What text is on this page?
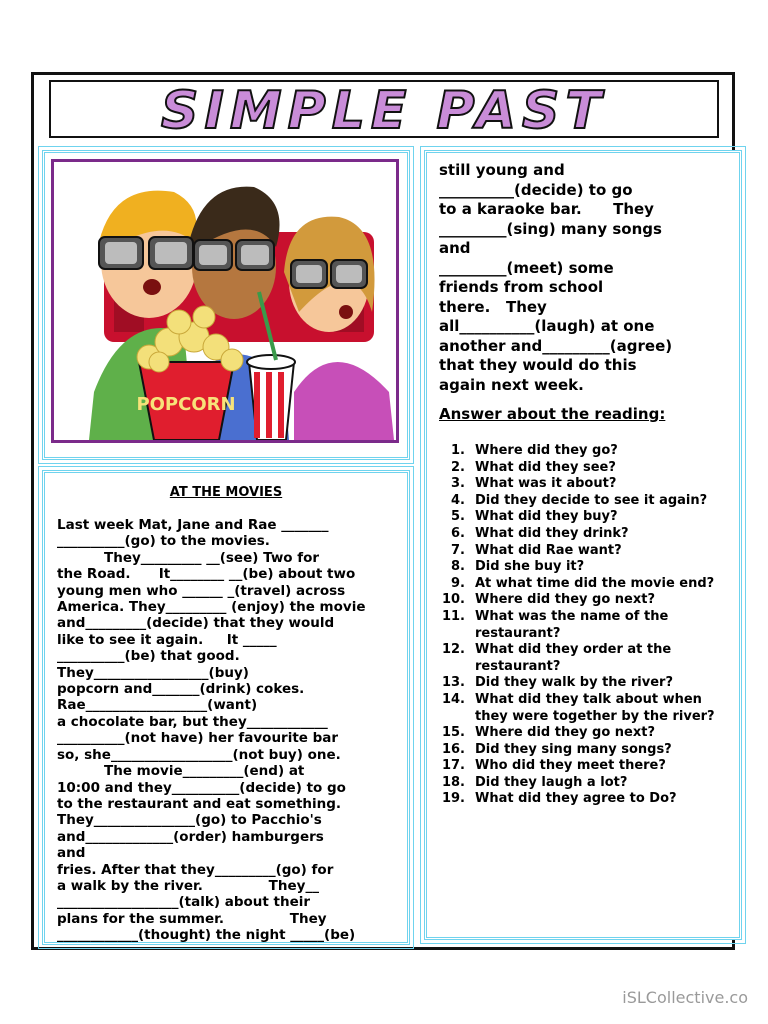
SIMPLE PAST
POPCORN
AT THE MOVIES
Last week Mat, Jane and Rae _______
__________(go) to the movies.
They_________ __(see) Two for
the Road.      It________ __(be) about two
young men who ______ _(travel) across
America. They_________ (enjoy) the movie
and_________(decide) that they would
like to see it again.     It _____
__________(be) that good.
They_________________(buy)
popcorn and_______(drink) cokes.
Rae__________________(want)
a chocolate bar, but they____________
__________(not have) her favourite bar
so, she__________________(not buy) one.
The movie_________(end) at
10:00 and they__________(decide) to go
to the restaurant and eat something.
They_______________(go) to Pacchio's
and_____________(order) hamburgers
and
fries. After that they_________(go) for
a walk by the river.              They__
__________________(talk) about their
plans for the summer.              They
____________(thought) the night _____(be)
still young and
__________(decide) to go
to a karaoke bar.      They
_________(sing) many songs
and
_________(meet) some
friends from school
there.   They
all__________(laugh) at one
another and_________(agree)
that they would do this
again next week.
Answer about the reading:
1. Where did they go?
2. What did they see?
3. What was it about?
4. Did they decide to see it again?
5. What did they buy?
6. What did they drink?
7. What did Rae want?
8. Did she buy it?
9. At what time did the movie end?
10. Where did they go next?
11. What was the name of the restaurant?
12. What did they order at the restaurant?
13. Did they walk by the river?
14. What did they talk about when they were together by the river?
15. Where did they go next?
16. Did they sing many songs?
17. Who did they meet there?
18. Did they laugh a lot?
19. What did they agree to Do?
iSLCollective.co
